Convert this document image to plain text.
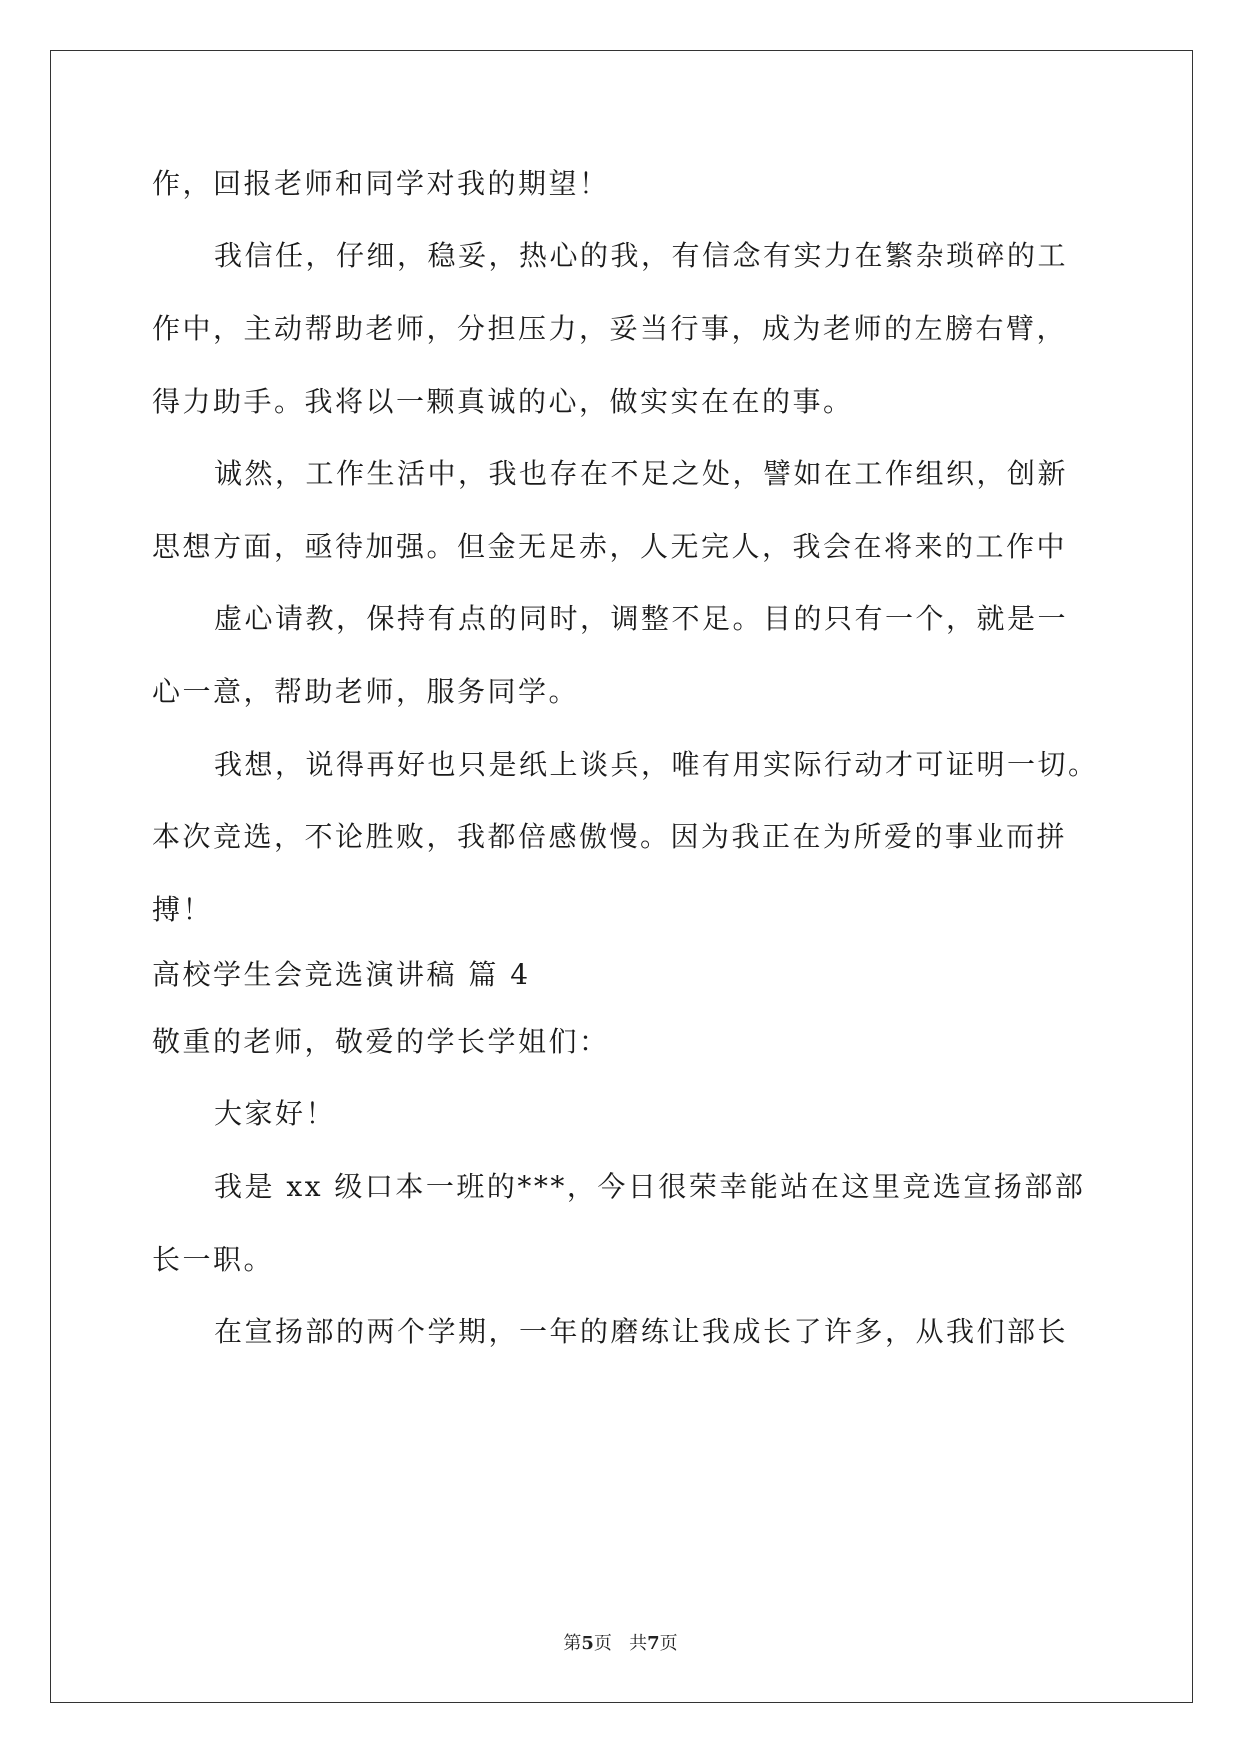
作，回报老师和同学对我的期望！
我信任，仔细，稳妥，热心的我，有信念有实力在繁杂琐碎的工
作中，主动帮助老师，分担压力，妥当行事，成为老师的左膀右臂，
得力助手。我将以一颗真诚的心，做实实在在的事。
诚然，工作生活中，我也存在不足之处，譬如在工作组织，创新
思想方面，亟待加强。但金无足赤，人无完人，我会在将来的工作中
虚心请教，保持有点的同时，调整不足。目的只有一个，就是一
心一意，帮助老师，服务同学。
我想，说得再好也只是纸上谈兵，唯有用实际行动才可证明一切。
本次竞选，不论胜败，我都倍感傲慢。因为我正在为所爱的事业而拼
搏！
高校学生会竞选演讲稿 篇 4
敬重的老师，敬爱的学长学姐们：
大家好！
我是 xx 级口本一班的***，今日很荣幸能站在这里竞选宣扬部部
长一职。
在宣扬部的两个学期，一年的磨练让我成长了许多，从我们部长
第5页   共7页
